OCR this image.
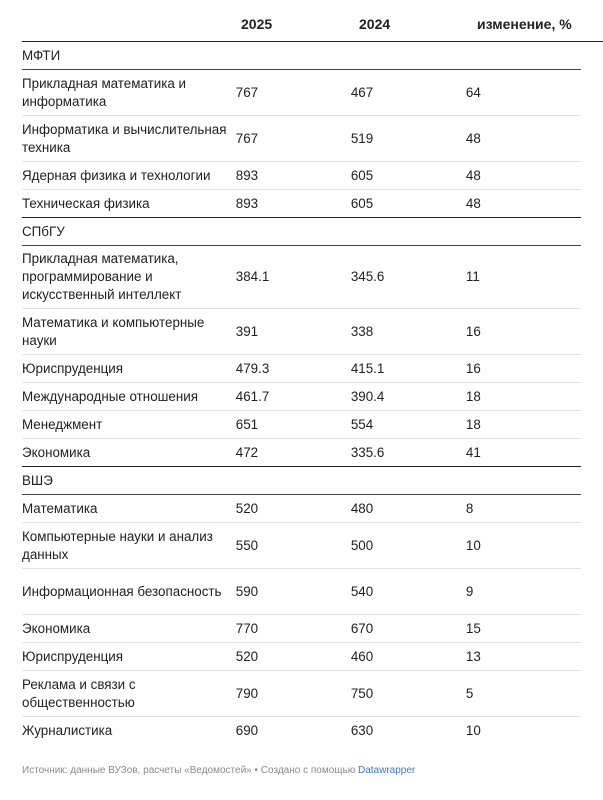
2025	2024	изменение, %
МФТИ
Прикладная математика и информатика
767	467	64
Информатика и вычислительная техника
767	519	48
Ядерная физика и технологии	893	605	48
Техническая физика	893	605	48
СПбГУ
Прикладная математика, программирование и искусственный интеллект
384.1	345.6	11
Математика и компьютерные науки
391	338	16
Юриспруденция	479.3	415.1	16
Международные отношения	461.7	390.4	18
Менеджмент	651	554	18
Экономика	472	335.6	41
ВШЭ
Математика	520	480	8
Компьютерные науки и анализ данных
550	500	10
Информационная безопасность	590	540	9
Экономика	770	670	15
Юриспруденция	520	460	13
Реклама и связи с общественностью
790	750	5
Журналистика	690	630	10
Источник: данные ВУЗов, расчеты «Ведомостей» • Создано с помощью Datawrapper
